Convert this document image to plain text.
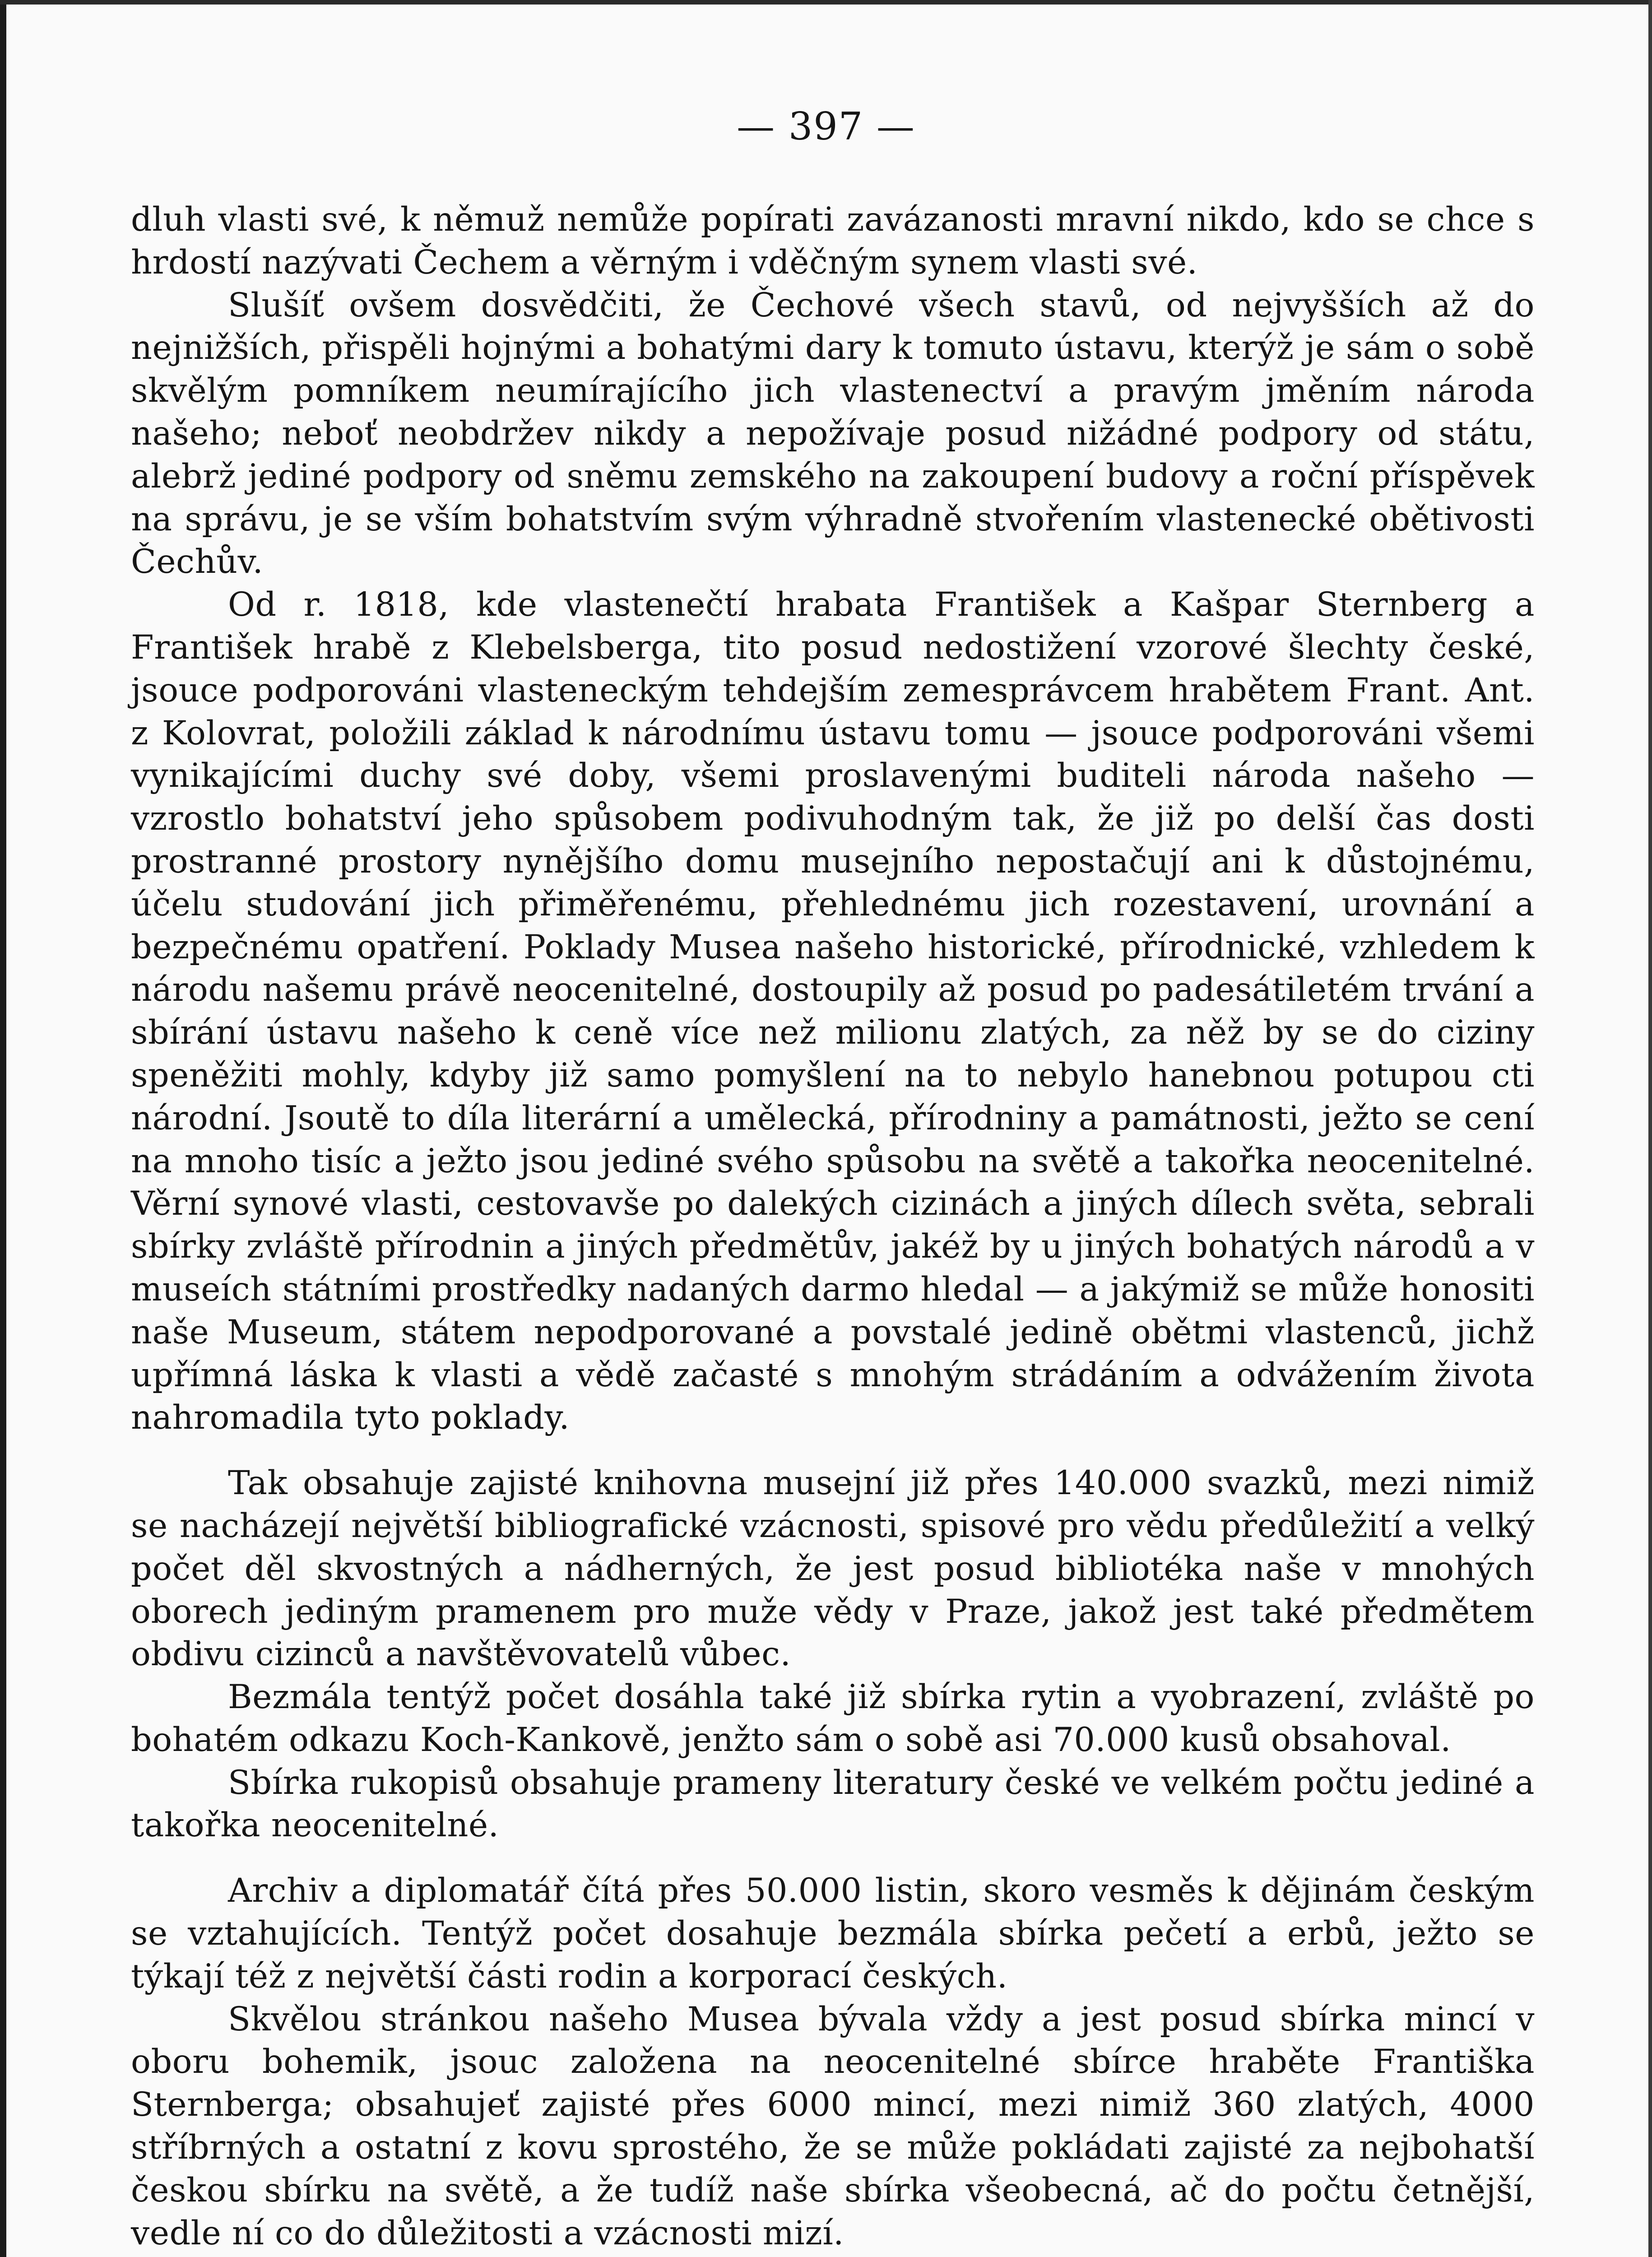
— 397 —

dluh vlasti své, k němuž nemůže popírati zavázanosti mravní nikdo, kdo se chce s hrdostí nazývati Čechem a věrným i vděčným synem vlasti své.

Slušíť ovšem dosvědčiti, že Čechové všech stavů, od nejvyšších až do nejnižších, přispěli hojnými a bohatými dary k tomuto ústavu, kterýž je sám o sobě skvělým pomníkem neumírajícího jich vlastenectví a pravým jměním národa našeho; neboť neobdržev nikdy a nepožívaje posud nižádné podpory od státu, alebrž jediné podpory od sněmu zemského na zakoupení budovy a roční příspěvek na správu, je se vším bohatstvím svým výhradně stvořením vlastenecké obětivosti Čechův.

Od r. 1818, kde vlastenečtí hrabata František a Kašpar Sternberg a František hrabě z Klebelsberga, tito posud nedostižení vzorové šlechty české, jsouce podporováni vlasteneckým tehdejším zemesprávcem hrabětem Frant. Ant. z Kolovrat, položili základ k národnímu ústavu tomu — jsouce podporováni všemi vynikajícími duchy své doby, všemi proslavenými buditeli národa našeho — vzrostlo bohatství jeho spůsobem podivuhodným tak, že již po delší čas dosti prostranné prostory nynějšího domu musejního nepostačují ani k důstojnému, účelu studování jich přiměřenému, přehlednému jich rozestavení, urovnání a bezpečnému opatření. Poklady Musea našeho historické, přírodnické, vzhledem k národu našemu právě neocenitelné, dostoupily až posud po padesátiletém trvání a sbírání ústavu našeho k ceně více než milionu zlatých, za něž by se do ciziny speněžiti mohly, kdyby již samo pomyšlení na to nebylo hanebnou potupou cti národní. Jsoutě to díla literární a umělecká, přírodniny a památnosti, ježto se cení na mnoho tisíc a ježto jsou jediné svého spůsobu na světě a takořka neocenitelné. Věrní synové vlasti, cestovavše po dalekých cizinách a jiných dílech světa, sebrali sbírky zvláště přírodnin a jiných předmětův, jakéž by u jiných bohatých národů a v museích státními prostředky nadaných darmo hledal — a jakýmiž se může honositi naše Museum, státem nepodporované a povstalé jedině obětmi vlastenců, jichž upřímná láska k vlasti a vědě začasté s mnohým strádáním a odvážením života nahromadila tyto poklady.

Tak obsahuje zajisté knihovna musejní již přes 140.000 svazků, mezi nimiž se nacházejí největší bibliografické vzácnosti, spisové pro vědu předůležití a velký počet děl skvostných a nádherných, že jest posud bibliotéka naše v mnohých oborech jediným pramenem pro muže vědy v Praze, jakož jest také předmětem obdivu cizinců a navštěvovatelů vůbec.

Bezmála tentýž počet dosáhla také již sbírka rytin a vyobrazení, zvláště po bohatém odkazu Koch-Kankově, jenžto sám o sobě asi 70.000 kusů obsahoval.

Sbírka rukopisů obsahuje prameny literatury české ve velkém počtu jediné a takořka neocenitelné.

Archiv a diplomatář čítá přes 50.000 listin, skoro vesměs k dějinám českým se vztahujících. Tentýž počet dosahuje bezmála sbírka pečetí a erbů, ježto se týkají též z největší části rodin a korporací českých.

Skvělou stránkou našeho Musea bývala vždy a jest posud sbírka mincí v oboru bohemik, jsouc založena na neocenitelné sbírce hraběte Františka Sternberga; obsahujeť zajisté přes 6000 mincí, mezi nimiž 360 zlatých, 4000 stříbrných a ostatní z kovu sprostého, že se může pokládati zajisté za nejbohatší českou sbírku na světě, a že tudíž naše sbírka všeobecná, ač do počtu četnější, vedle ní co do důležitosti a vzácnosti mizí.
